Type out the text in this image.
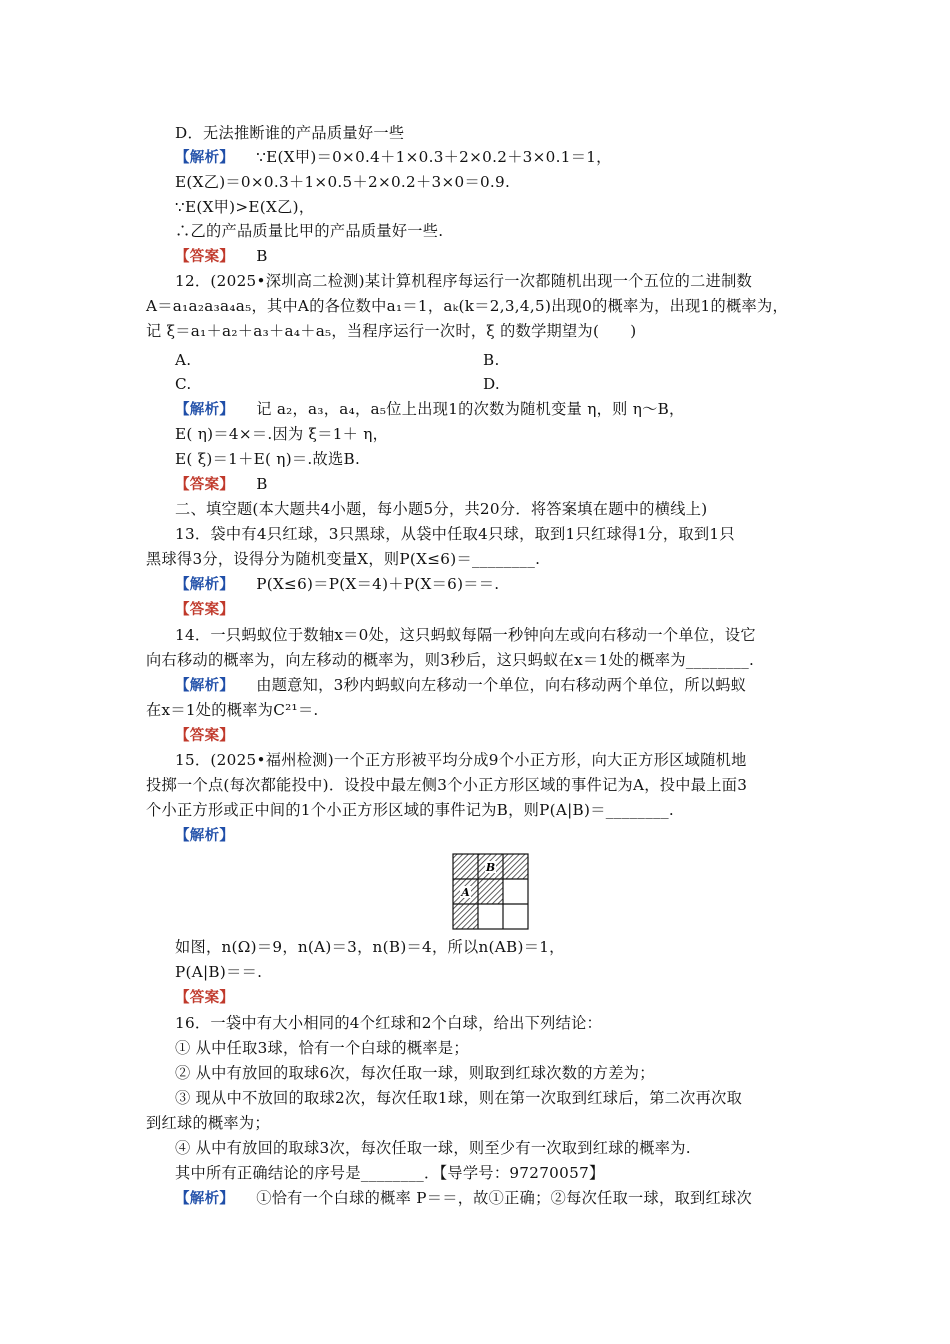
D．无法推断谁的产品质量好一些
【解析】 ∵E(X甲)＝0×0.4＋1×0.3＋2×0.2＋3×0.1＝1，
E(X乙)＝0×0.3＋1×0.5＋2×0.2＋3×0＝0.9.
∵E(X甲)>E(X乙)，
∴乙的产品质量比甲的产品质量好一些.
【答案】 B
12．(2025•深圳高二检测)某计算机程序每运行一次都随机出现一个五位的二进制数
A＝a₁a₂a₃a₄a₅，其中A的各位数中a₁＝1，aₖ(k＝2,3,4,5)出现0的概率为，出现1的概率为，
记 ξ＝a₁＋a₂＋a₃＋a₄＋a₅，当程序运行一次时，ξ 的数学期望为(　　)
A.	B.
C.	D.
【解析】 记 a₂，a₃，a₄，a₅位上出现1的次数为随机变量 η，则 η～B，
E( η)＝4×＝.因为 ξ＝1＋ η，
E( ξ)＝1＋E( η)＝.故选B.
【答案】 B
二、填空题(本大题共4小题，每小题5分，共20分．将答案填在题中的横线上)
13．袋中有4只红球，3只黑球，从袋中任取4只球，取到1只红球得1分，取到1只
黑球得3分，设得分为随机变量X，则P(X≤6)＝________.
【解析】 P(X≤6)＝P(X＝4)＋P(X＝6)＝＝.
【答案】
14．一只蚂蚁位于数轴x＝0处，这只蚂蚁每隔一秒钟向左或向右移动一个单位，设它
向右移动的概率为，向左移动的概率为，则3秒后，这只蚂蚁在x＝1处的概率为________.
【解析】 由题意知，3秒内蚂蚁向左移动一个单位，向右移动两个单位，所以蚂蚁
在x＝1处的概率为C²¹＝.
【答案】
15．(2025•福州检测)一个正方形被平均分成9个小正方形，向大正方形区域随机地
投掷一个点(每次都能投中)．设投中最左侧3个小正方形区域的事件记为A，投中最上面3
个小正方形或正中间的1个小正方形区域的事件记为B，则P(A|B)＝________.
【解析】
B
A
如图，n(Ω)＝9，n(A)＝3，n(B)＝4，所以n(AB)＝1，
P(A|B)＝＝.
【答案】
16．一袋中有大小相同的4个红球和2个白球，给出下列结论：
① 从中任取3球，恰有一个白球的概率是；
② 从中有放回的取球6次，每次任取一球，则取到红球次数的方差为；
③ 现从中不放回的取球2次，每次任取1球，则在第一次取到红球后，第二次再次取
到红球的概率为；
④ 从中有放回的取球3次，每次任取一球，则至少有一次取到红球的概率为.
其中所有正确结论的序号是________．【导学号：97270057】
【解析】 ①恰有一个白球的概率 P＝＝，故①正确；②每次任取一球，取到红球次
